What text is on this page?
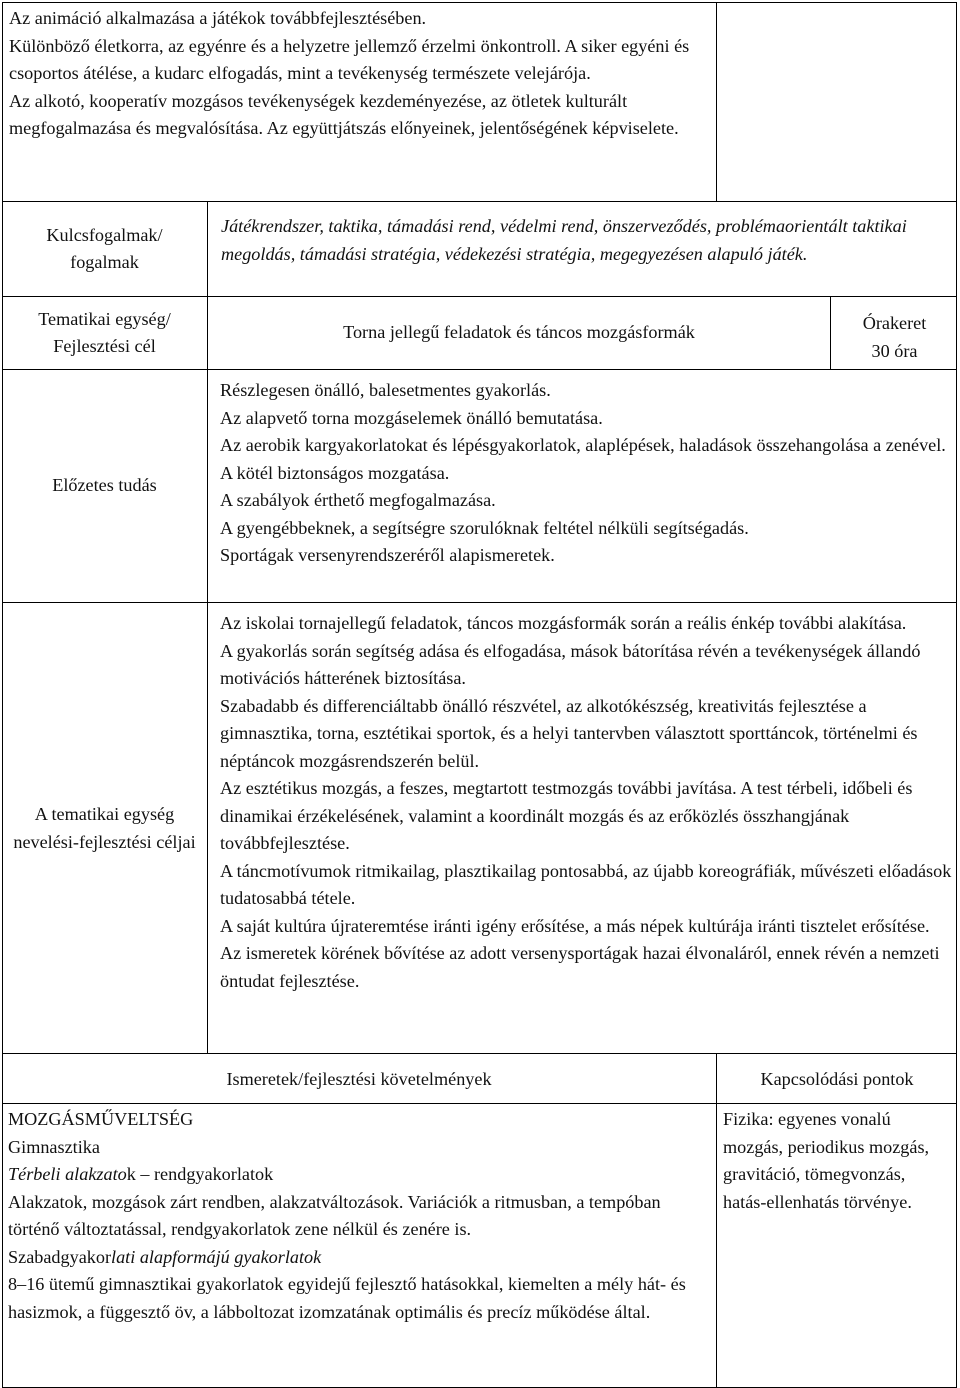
Az animáció alkalmazása a játékok továbbfejlesztésében.
Különböző életkorra, az egyénre és a helyzetre jellemző érzelmi önkontroll. A siker egyéni és csoportos átélése, a kudarc elfogadás, mint a tevékenység természete velejárója.
Az alkotó, kooperatív mozgásos tevékenységek kezdeményezése, az ötletek kulturált megfogalmazása és megvalósítása. Az együttjátszás előnyeinek, jelentőségének képviselete.
Kulcsfogalmak/ fogalmak
Játékrendszer, taktika, támadási rend, védelmi rend, önszerveződés, problémaorientált taktikai megoldás, támadási stratégia, védekezési stratégia, megegyezésen alapuló játék.
Tematikai egység/ Fejlesztési cél
Torna jellegű feladatok és táncos mozgásformák	Órakeret
30 óra
Előzetes tudás
Részlegesen önálló, balesetmentes gyakorlás.
Az alapvető torna mozgáselemek önálló bemutatása.
Az aerobik kargyakorlatokat és lépésgyakorlatok, alaplépések, haladások összehangolása a zenével.
A kötél biztonságos mozgatása.
A szabályok érthető megfogalmazása.
A gyengébbeknek, a segítségre szorulóknak feltétel nélküli segítségadás.
Sportágak versenyrendszeréről alapismeretek.
A tematikai egység nevelési-fejlesztési céljai
Az iskolai tornajellegű feladatok, táncos mozgásformák során a reális énkép további alakítása.
A gyakorlás során segítség adása és elfogadása, mások bátorítása révén a tevékenységek állandó motivációs hátterének biztosítása.
Szabadabb és differenciáltabb önálló részvétel, az alkotókészség, kreativitás fejlesztése a gimnasztika, torna, esztétikai sportok, és a helyi tantervben választott sporttáncok, történelmi és néptáncok mozgásrendszerén belül.
Az esztétikus mozgás, a feszes, megtartott testmozgás további javítása. A test térbeli, időbeli és dinamikai érzékelésének, valamint a koordinált mozgás és az erőközlés összhangjának továbbfejlesztése.
A táncmotívumok ritmikailag, plasztikailag pontosabbá, az újabb koreográfiák, művészeti előadások tudatosabbá tétele.
A saját kultúra újrateremtése iránti igény erősítése, a más népek kultúrája iránti tisztelet erősítése.
Az ismeretek körének bővítése az adott versenysportágak hazai élvonaláról, ennek révén a nemzeti öntudat fejlesztése.
Ismeretek/fejlesztési követelmények	Kapcsolódási pontok
MOZGÁSMŰVELTSÉG
Gimnasztika
Térbeli alakzatok – rendgyakorlatok
Alakzatok, mozgások zárt rendben, alakzatváltozások. Variációk a ritmusban, a tempóban történő változtatással, rendgyakorlatok zene nélkül és zenére is.
Szabadgyakorlati alapformájú gyakorlatok
8–16 ütemű gimnasztikai gyakorlatok egyidejű fejlesztő hatásokkal, kiemelten a mély hát- és hasizmok, a függesztő öv, a lábboltozat izomzatának optimális és precíz működése által.
Fizika: egyenes vonalú mozgás, periodikus mozgás, gravitáció, tömegvonzás, hatás-ellenhatás törvénye.
